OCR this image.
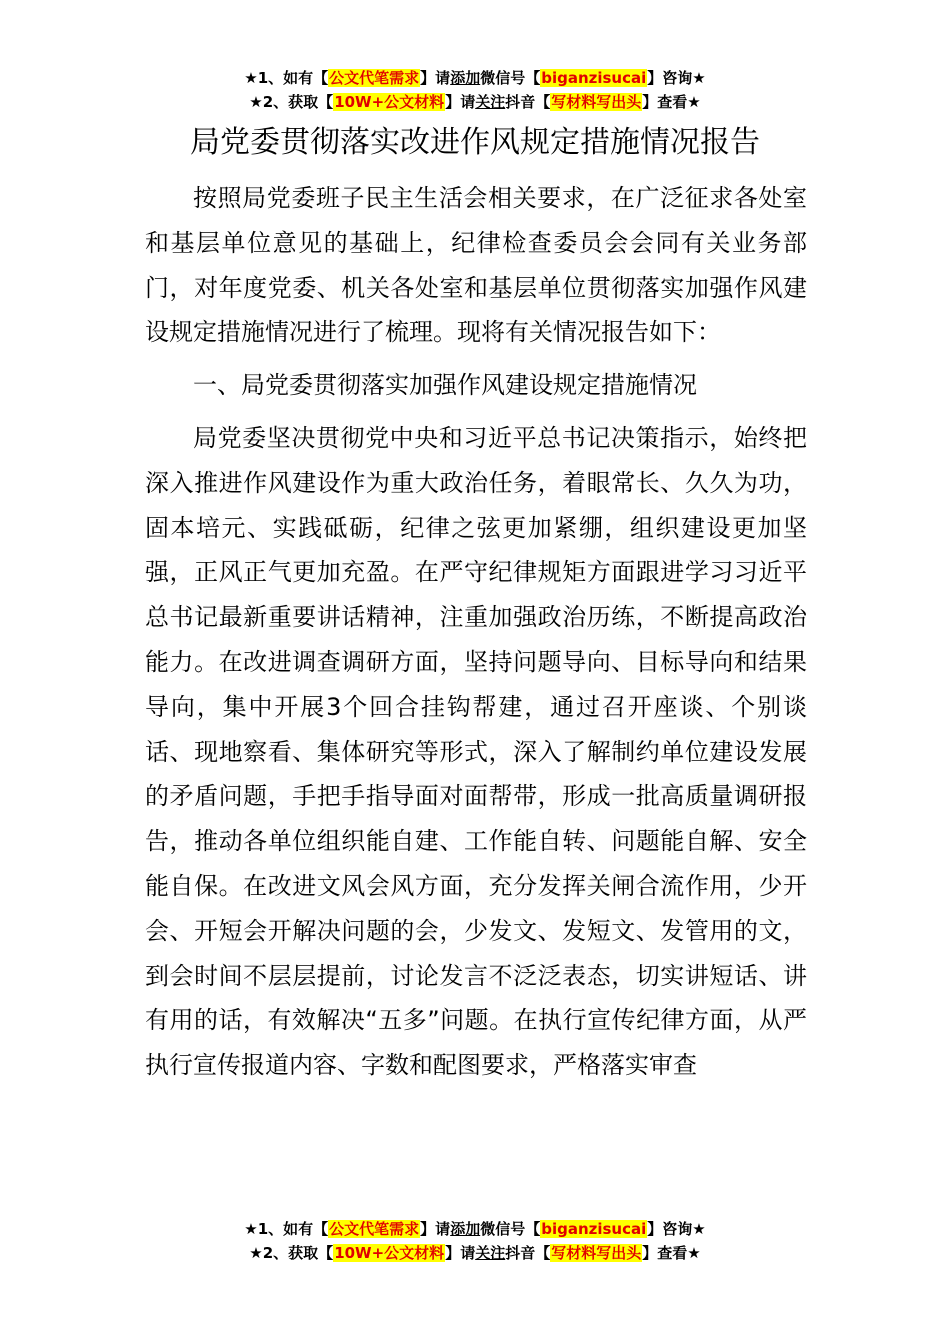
★1、如有【公文代笔需求】请添加微信号【biganzisucai】咨询★
★2、获取【10W+公文材料】请关注抖音【写材料写出头】查看★
局党委贯彻落实改进作风规定措施情况报告

按照局党委班子民主生活会相关要求，在广泛征求各处室和基层单位意见的基础上，纪律检查委员会会同有关业务部门，对年度党委、机关各处室和基层单位贯彻落实加强作风建设规定措施情况进行了梳理。现将有关情况报告如下：

一、局党委贯彻落实加强作风建设规定措施情况

局党委坚决贯彻党中央和习近平总书记决策指示，始终把深入推进作风建设作为重大政治任务，着眼常长、久久为功，固本培元、实践砥砺，纪律之弦更加紧绷，组织建设更加坚强，正风正气更加充盈。在严守纪律规矩方面跟进学习习近平总书记最新重要讲话精神，注重加强政治历练，不断提高政治能力。在改进调查调研方面，坚持问题导向、目标导向和结果导向，集中开展3个回合挂钩帮建，通过召开座谈、个别谈话、现地察看、集体研究等形式，深入了解制约单位建设发展的矛盾问题，手把手指导面对面帮带，形成一批高质量调研报告，推动各单位组织能自建、工作能自转、问题能自解、安全能自保。在改进文风会风方面，充分发挥关闸合流作用，少开会、开短会开解决问题的会，少发文、发短文、发管用的文，到会时间不层层提前，讨论发言不泛泛表态，切实讲短话、讲有用的话，有效解决“五多”问题。在执行宣传纪律方面，从严执行宣传报道内容、字数和配图要求，严格落实审查

★1、如有【公文代笔需求】请添加微信号【biganzisucai】咨询★
★2、获取【10W+公文材料】请关注抖音【写材料写出头】查看★
